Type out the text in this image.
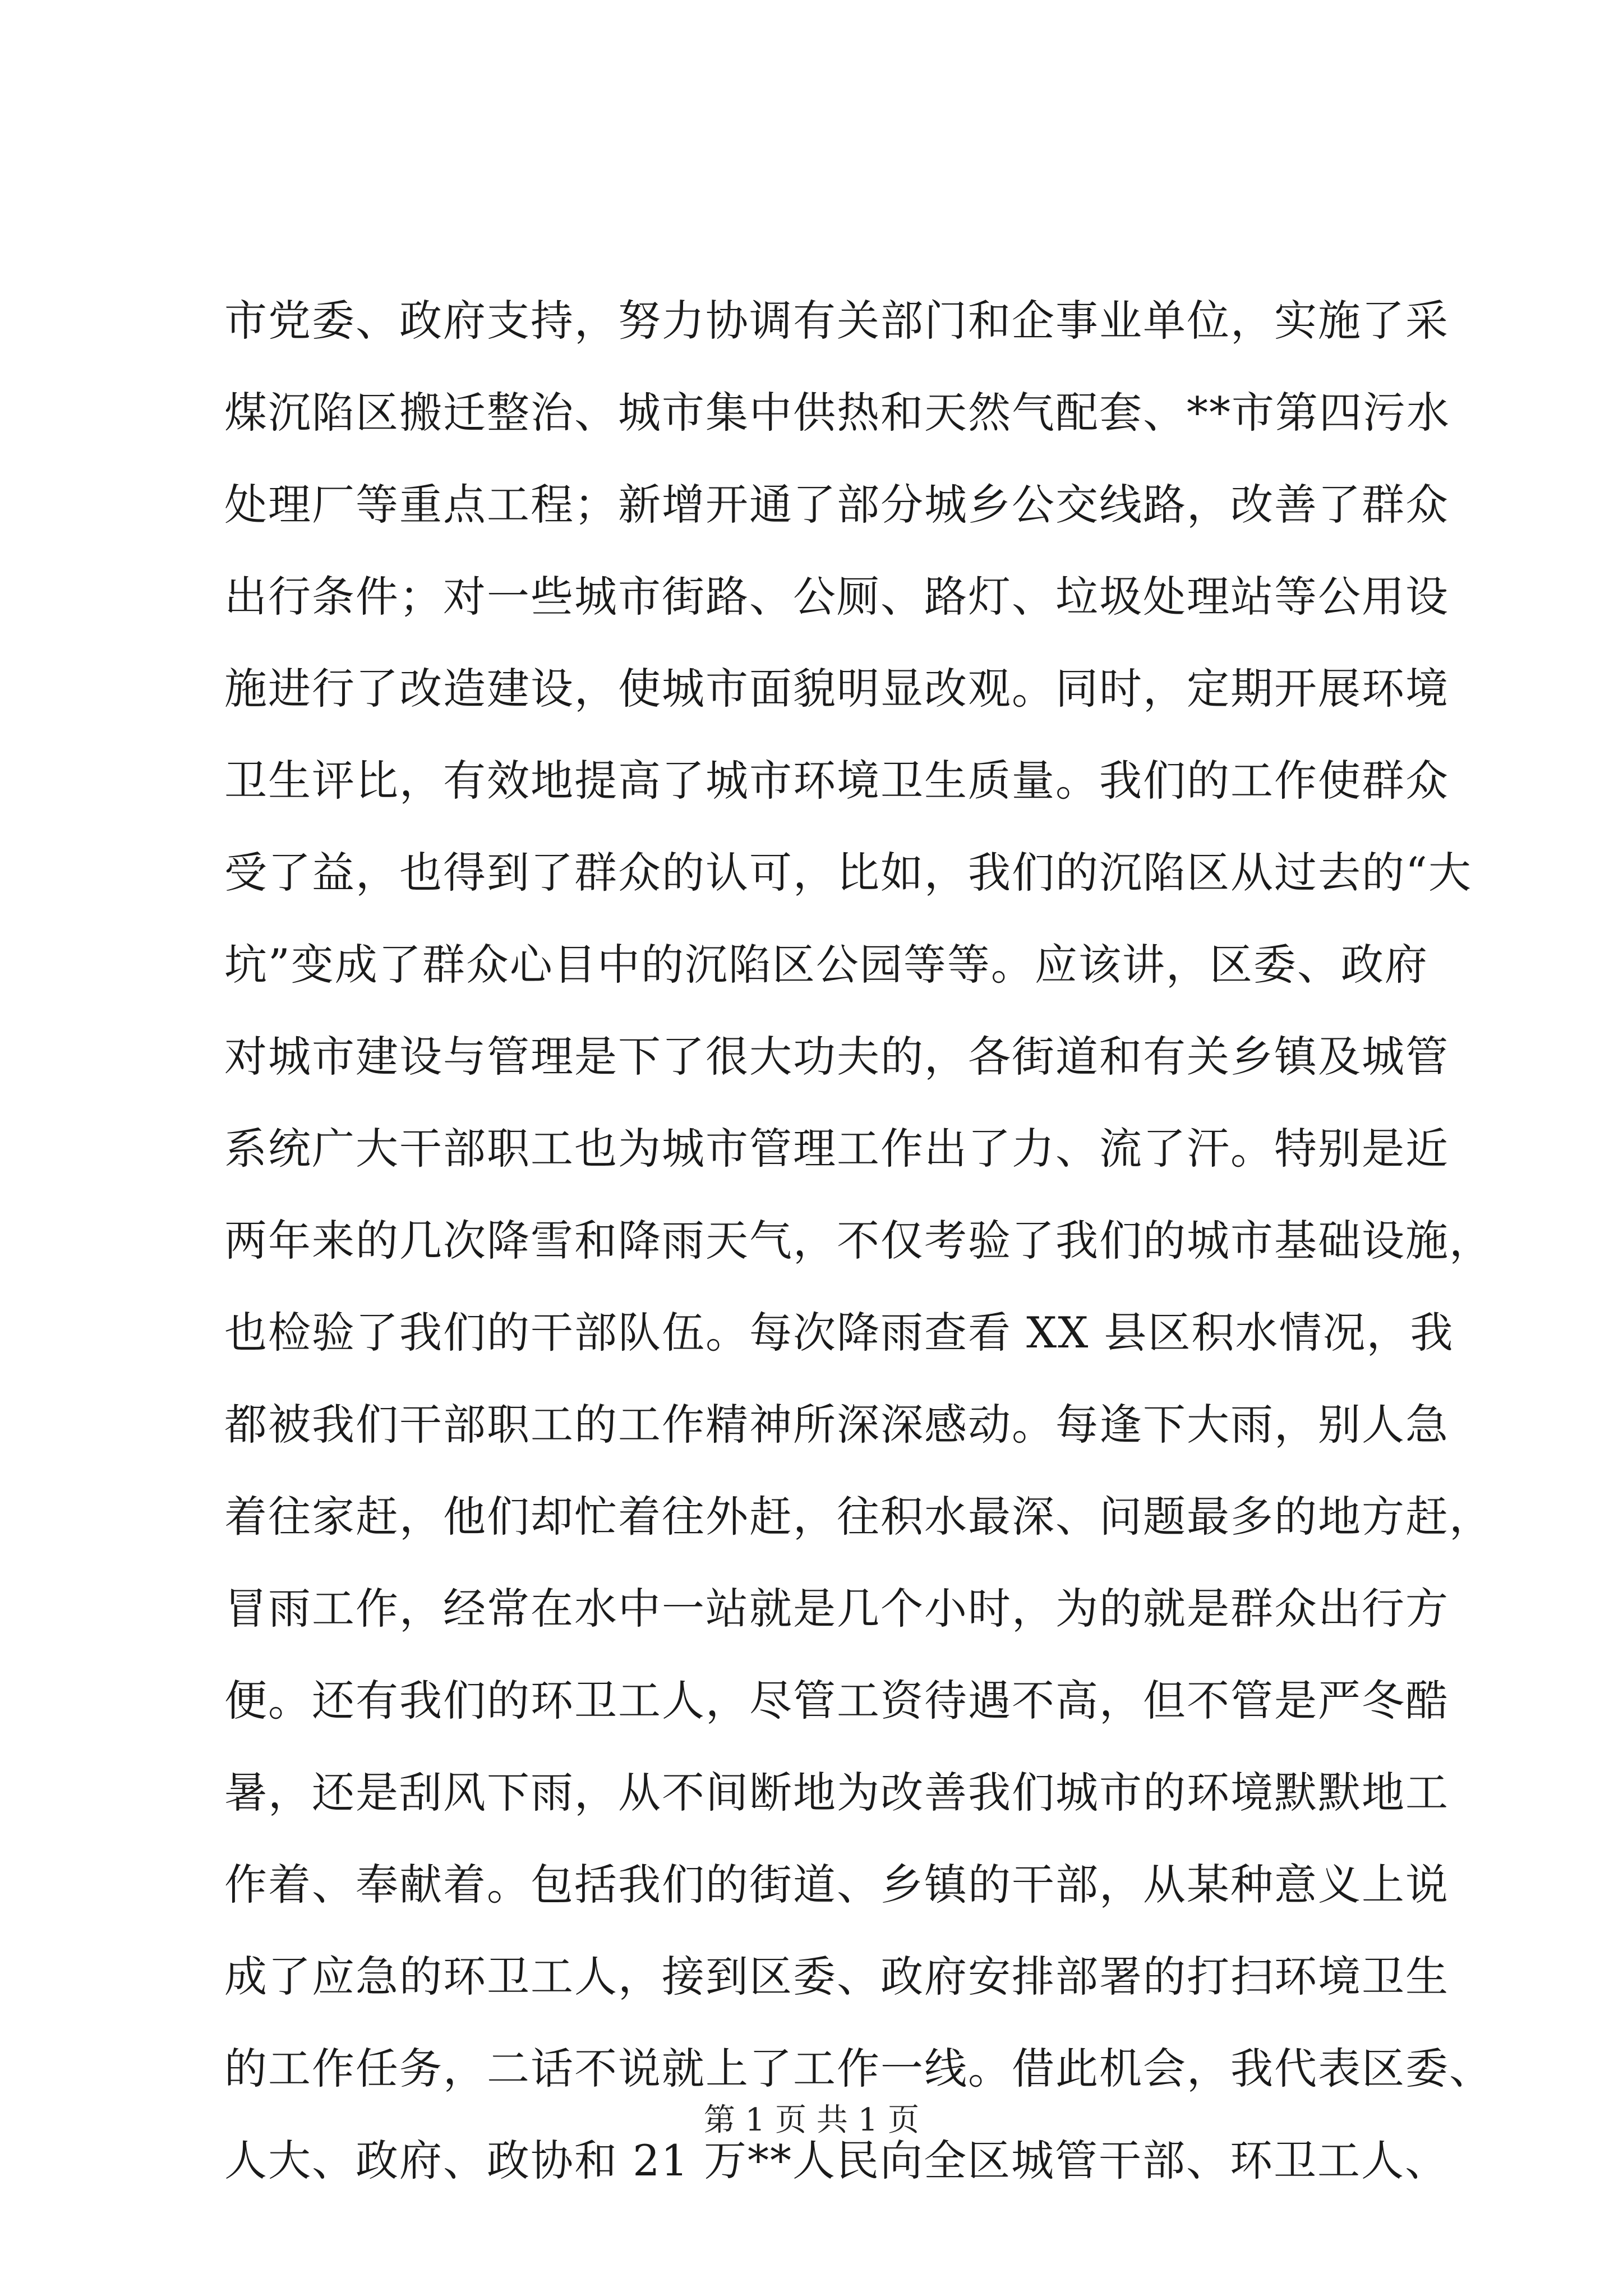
市党委、政府支持，努力协调有关部门和企事业单位，实施了采
煤沉陷区搬迁整治、城市集中供热和天然气配套、**市第四污水
处理厂等重点工程；新增开通了部分城乡公交线路，改善了群众
出行条件；对一些城市街路、公厕、路灯、垃圾处理站等公用设
施进行了改造建设，使城市面貌明显改观。同时，定期开展环境
卫生评比，有效地提高了城市环境卫生质量。我们的工作使群众
受了益，也得到了群众的认可，比如，我们的沉陷区从过去的“大
坑”变成了群众心目中的沉陷区公园等等。应该讲，区委、政府
对城市建设与管理是下了很大功夫的，各街道和有关乡镇及城管
系统广大干部职工也为城市管理工作出了力、流了汗。特别是近
两年来的几次降雪和降雨天气，不仅考验了我们的城市基础设施，
也检验了我们的干部队伍。每次降雨查看 XX 县区积水情况，我
都被我们干部职工的工作精神所深深感动。每逢下大雨，别人急
着往家赶，他们却忙着往外赶，往积水最深、问题最多的地方赶，
冒雨工作，经常在水中一站就是几个小时，为的就是群众出行方
便。还有我们的环卫工人，尽管工资待遇不高，但不管是严冬酷
暑，还是刮风下雨，从不间断地为改善我们城市的环境默默地工
作着、奉献着。包括我们的街道、乡镇的干部，从某种意义上说
成了应急的环卫工人，接到区委、政府安排部署的打扫环境卫生
的工作任务，二话不说就上了工作一线。借此机会，我代表区委、
人大、政府、政协和 21 万**人民向全区城管干部、环卫工人、
第 1 页 共 1 页
